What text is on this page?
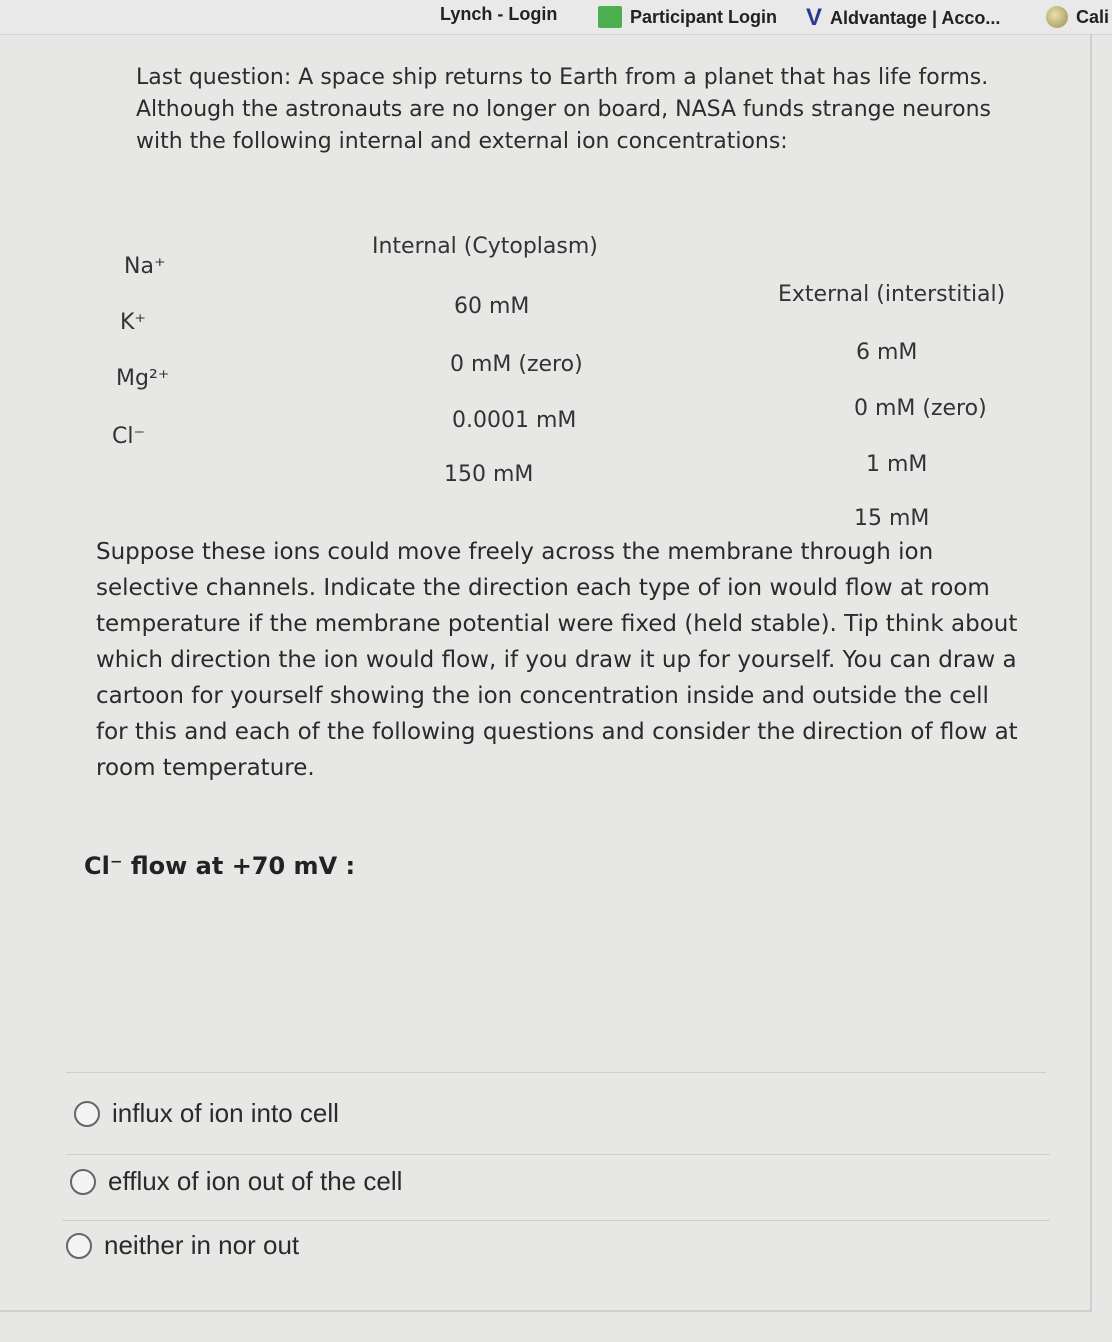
Lynch - Login	Participant Login V Aldvantage | Acco...	Cali
Last question: A space ship returns to Earth from a planet that has life forms. Although the astronauts are no longer on board, NASA funds strange neurons with the following internal and external ion concentrations:
Internal (Cytoplasm)
External (interstitial)
Na⁺
K⁺
Mg²⁺
Cl⁻
60 mM
0 mM (zero)
0.0001 mM
150 mM
6 mM
0 mM (zero)
1 mM
15 mM
Suppose these ions could move freely across the membrane through ion selective channels. Indicate the direction each type of ion would flow at room temperature if the membrane potential were fixed (held stable). Tip think about which direction the ion would flow, if you draw it up for yourself. You can draw a cartoon for yourself showing the ion concentration inside and outside the cell for this and each of the following questions and consider the direction of flow at room temperature.
Cl⁻ flow at +70 mV :
influx of ion into cell
efflux of ion out of the cell
neither in nor out
